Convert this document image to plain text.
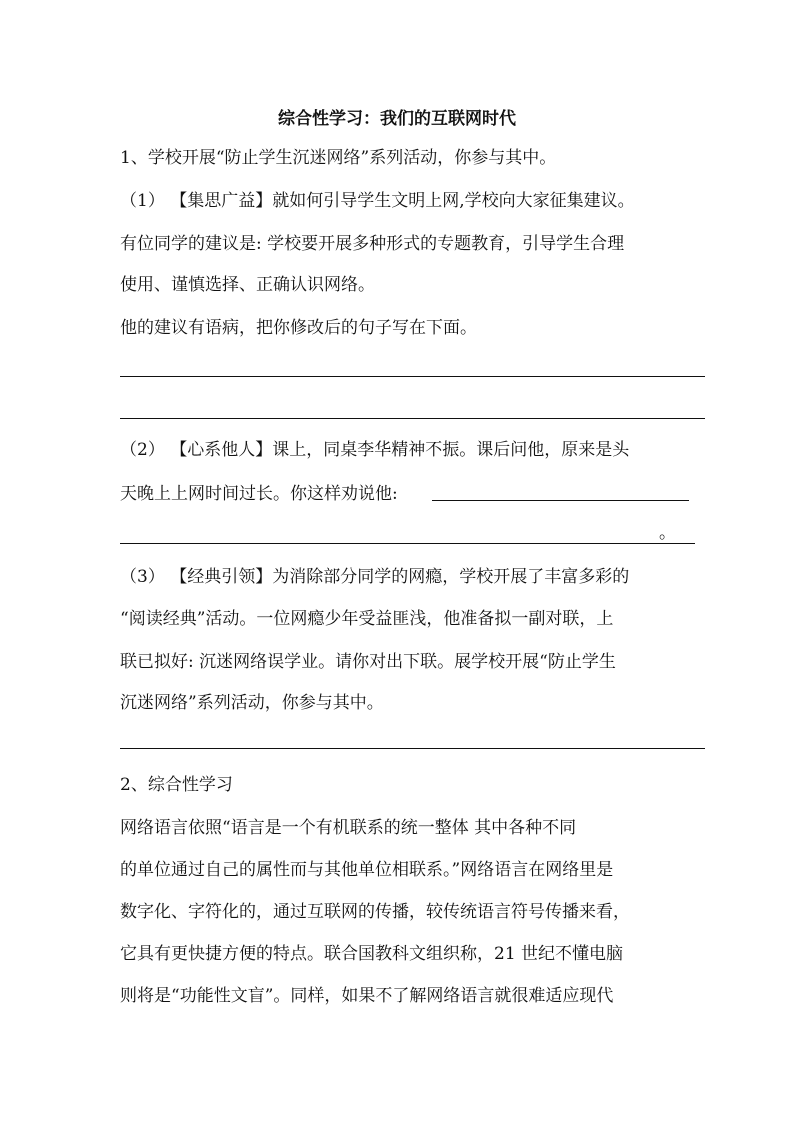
综合性学习：我们的互联网时代
1、学校开展“防止学生沉迷网络”系列活动，你参与其中。
（1） 【集思广益】就如何引导学生文明上网,学校向大家征集建议。
有位同学的建议是: 学校要开展多种形式的专题教育，引导学生合理
使用、谨慎选择、正确认识网络。
他的建议有语病，把你修改后的句子写在下面。
（2） 【心系他人】课上，同桌李华精神不振。课后问他，原来是头
天晚上上网时间过长。你这样劝说他:
。
（3） 【经典引领】为消除部分同学的网瘾，学校开展了丰富多彩的
“阅读经典”活动。一位网瘾少年受益匪浅，他准备拟一副对联，上
联已拟好: 沉迷网络误学业。请你对出下联。展学校开展“防止学生
沉迷网络”系列活动，你参与其中。
2、综合性学习
网络语言依照“语言是一个有机联系的统一整体 其中各种不同
的单位通过自己的属性而与其他单位相联系。”网络语言在网络里是
数字化、字符化的，通过互联网的传播，较传统语言符号传播来看，
它具有更快捷方便的特点。联合国教科文组织称，21 世纪不懂电脑
则将是“功能性文盲”。同样，如果不了解网络语言就很难适应现代
